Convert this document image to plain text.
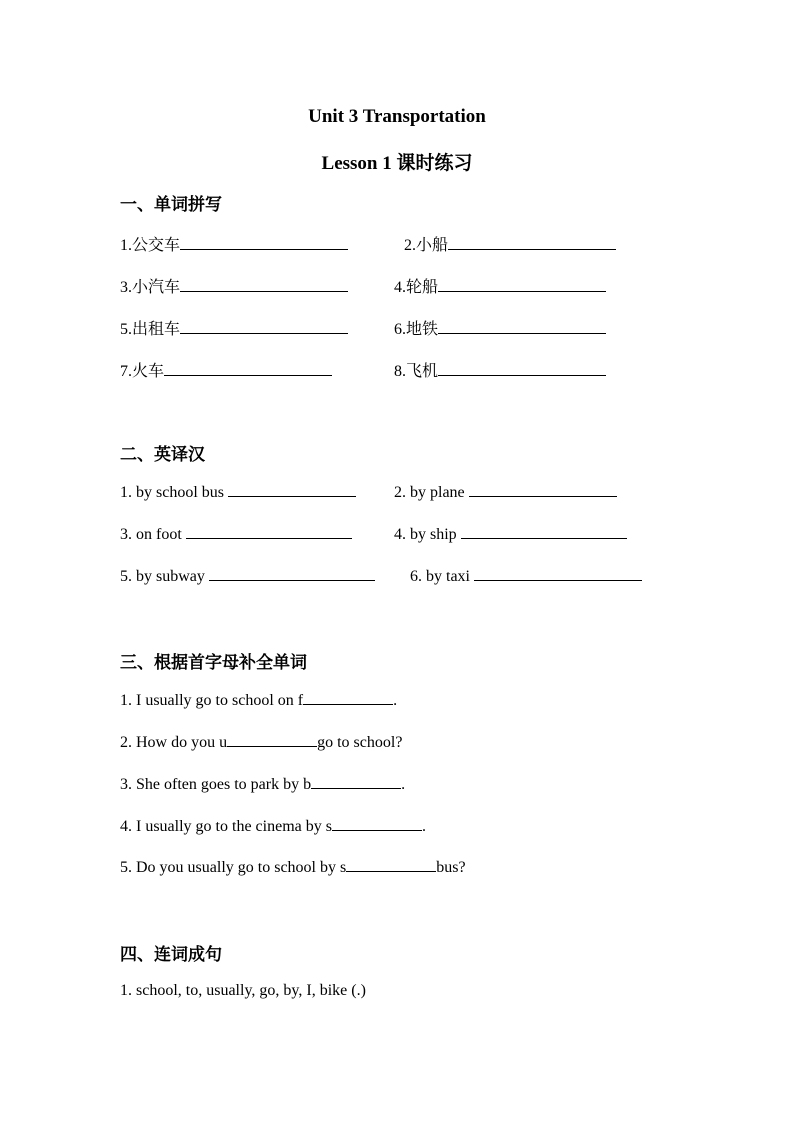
Unit 3 Transportation
Lesson 1 课时练习
一、单词拼写
1.公交车	2.小船
3.小汽车	4.轮船
5.出租车	6.地铁
7.火车	8.飞机
二、英译汉
1. by school bus	2. by plane
3. on foot	4. by ship
5. by subway	6. by taxi
三、根据首字母补全单词
1. I usually go to school on f	.
2. How do you u	go to school?
3. She often goes to park by b	.
4. I usually go to the cinema by s	.
5. Do you usually go to school by s	bus?
四、连词成句
1. school, to, usually, go, by, I, bike (.)
